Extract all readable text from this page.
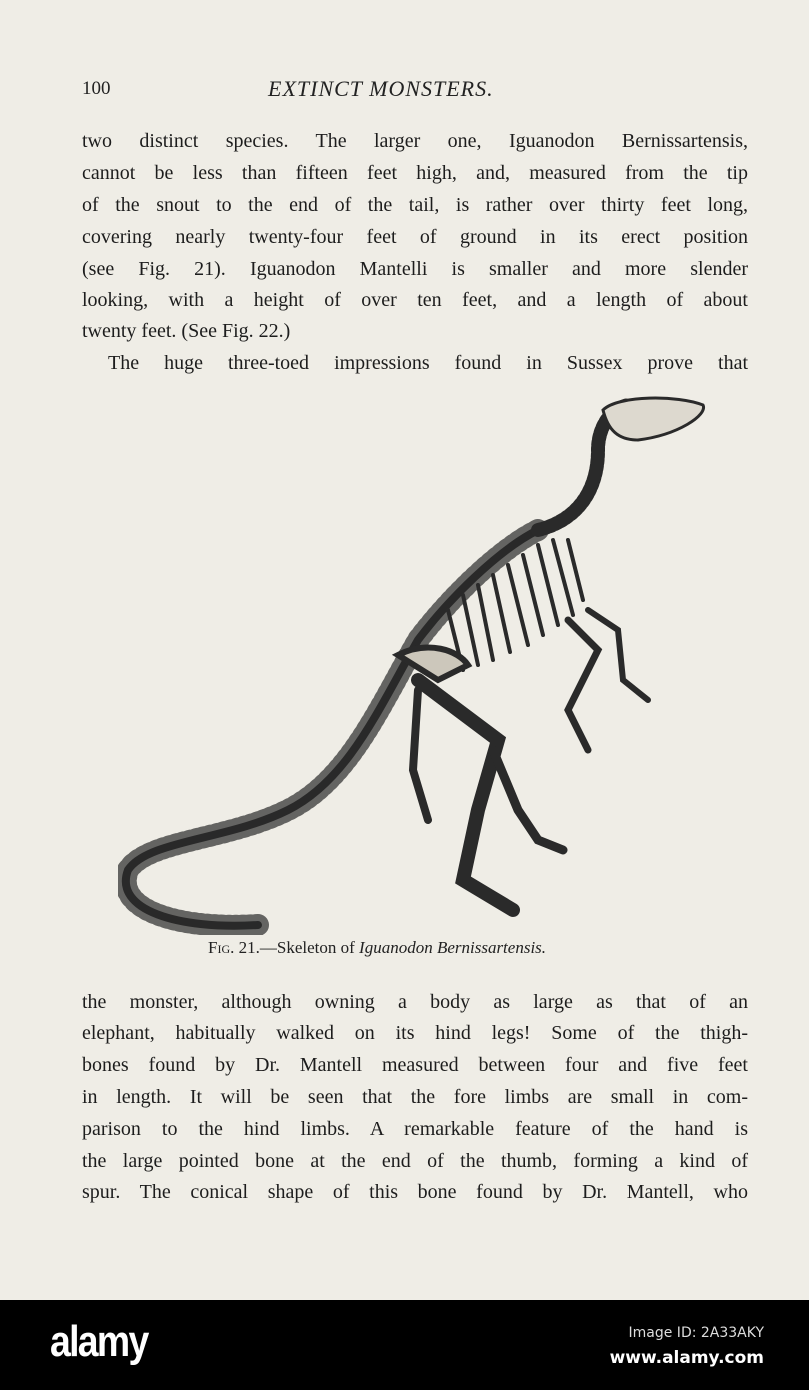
100	EXTINCT MONSTERS.
two distinct species. The larger one, Iguanodon Bernissartensis,
cannot be less than fifteen feet high, and, measured from the tip
of the snout to the end of the tail, is rather over thirty feet long,
covering nearly twenty-four feet of ground in its erect position
(see Fig. 21). Iguanodon Mantelli is smaller and more slender
looking, with a height of over ten feet, and a length of about
twenty feet. (See Fig. 22.)
The huge three-toed impressions found in Sussex prove that
Fig. 21.—Skeleton of Iguanodon Bernissartensis.
the monster, although owning a body as large as that of an
elephant, habitually walked on its hind legs! Some of the thigh-
bones found by Dr. Mantell measured between four and five feet
in length. It will be seen that the fore limbs are small in com-
parison to the hind limbs. A remarkable feature of the hand is
the large pointed bone at the end of the thumb, forming a kind of
spur. The conical shape of this bone found by Dr. Mantell, who
alamy	Image ID: 2A33AKY
www.alamy.com
